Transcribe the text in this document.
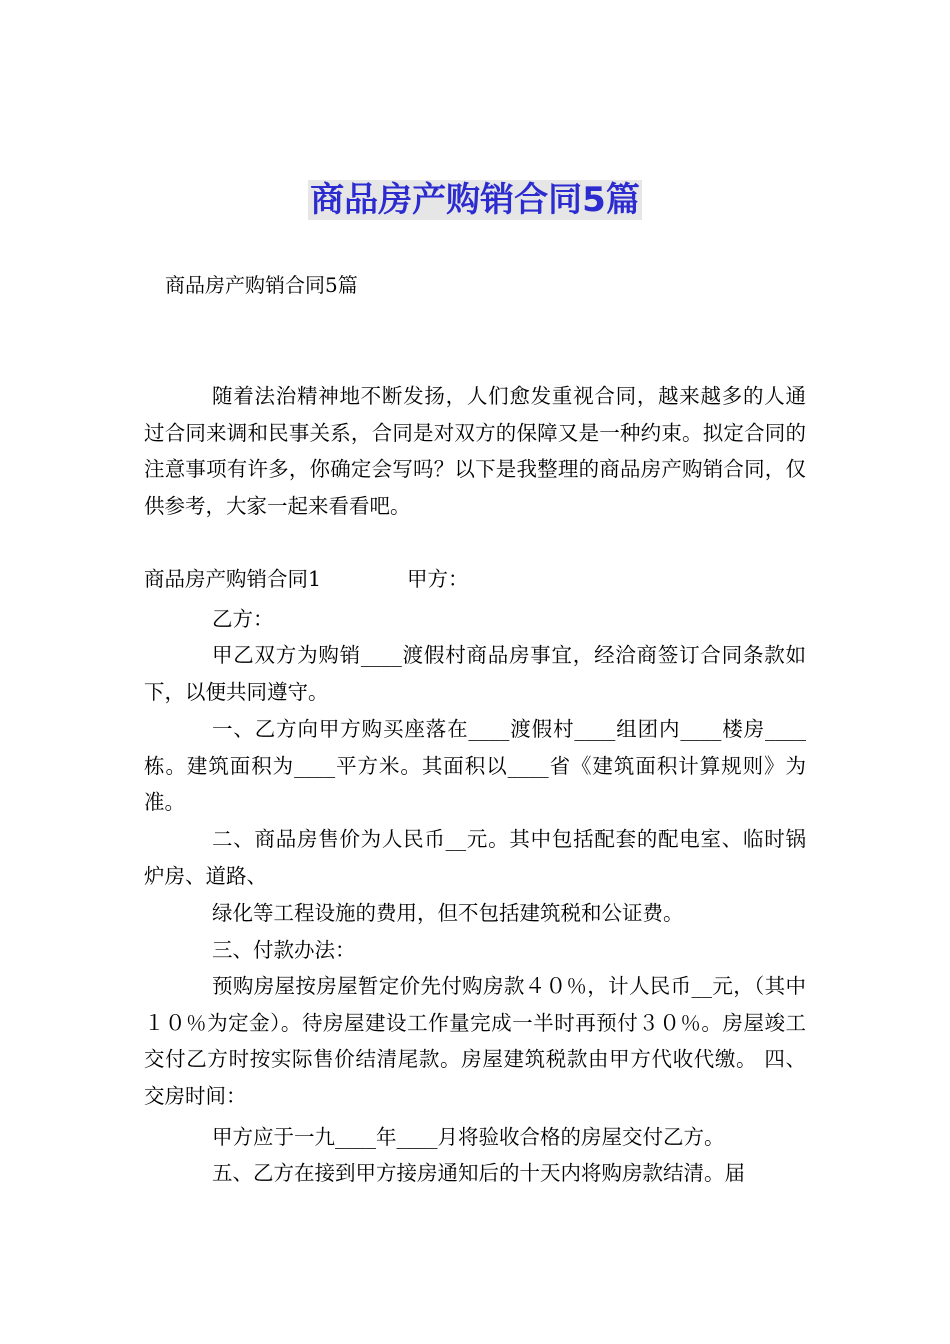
商品房产购销合同5篇
商品房产购销合同5篇

随着法治精神地不断发扬，人们愈发重视合同，越来越多的人通过合同来调和民事关系，合同是对双方的保障又是一种约束。拟定合同的注意事项有许多，你确定会写吗？以下是我整理的商品房产购销合同，仅供参考，大家一起来看看吧。

商品房产购销合同1	甲方：
乙方：

甲乙双方为购销____渡假村商品房事宜，经洽商签订合同条款如下，以便共同遵守。

一、乙方向甲方购买座落在____渡假村____组团内____楼房____栋。建筑面积为____平方米。其面积以____省《建筑面积计算规则》为准。

二、商品房售价为人民币__元。其中包括配套的配电室、临时锅炉房、道路、

绿化等工程设施的费用，但不包括建筑税和公证费。
三、付款办法：

预购房屋按房屋暂定价先付购房款４０％，计人民币__元，（其中１０％为定金）。待房屋建设工作量完成一半时再预付３０％。房屋竣工交付乙方时按实际售价结清尾款。房屋建筑税款由甲方代收代缴。 四、交房时间：

甲方应于一九____年____月将验收合格的房屋交付乙方。

五、乙方在接到甲方接房通知后的十天内将购房款结清。届
